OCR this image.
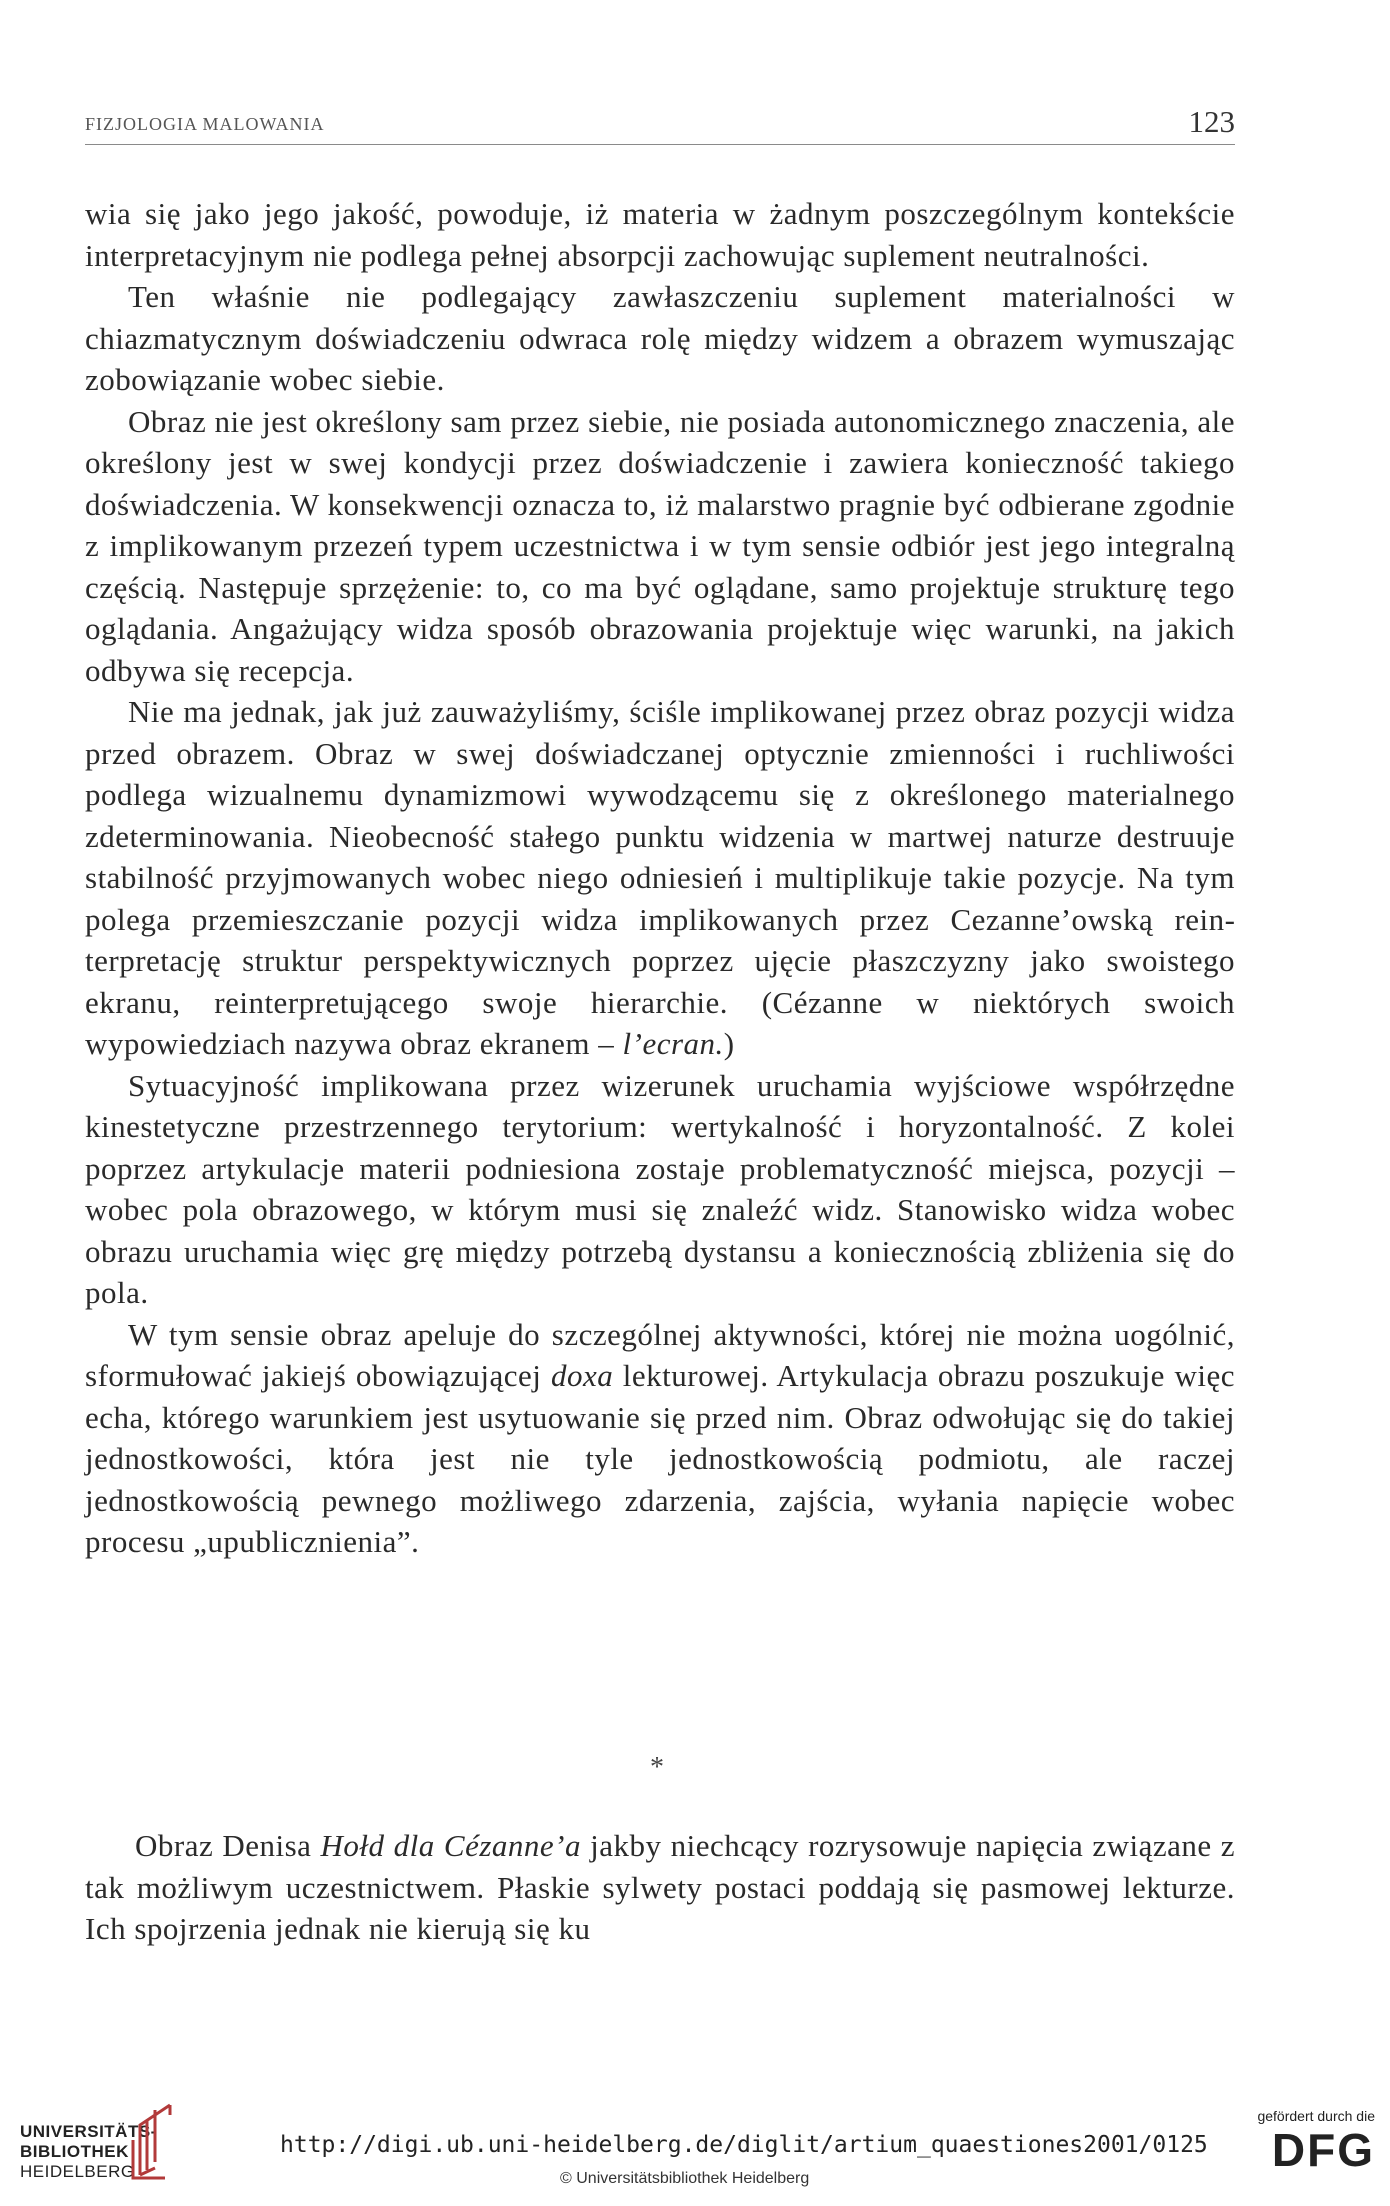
FIZJOLOGIA MALOWANIA	123

wia się jako jego jakość, powoduje, iż materia w żadnym poszczególnym kontekście interpretacyjnym nie podlega pełnej absorpcji zachowując suplement neutralności.

Ten właśnie nie podlegający zawłaszczeniu suplement materialności w chiazmatycznym doświadczeniu odwraca rolę między widzem a obrazem wymuszając zobowiązanie wobec siebie.

Obraz nie jest określony sam przez siebie, nie posiada autonomicznego znaczenia, ale określony jest w swej kondycji przez doświadczenie i zawiera konieczność takiego doświadczenia. W konsekwencji oznacza to, iż malarstwo pragnie być odbierane zgodnie z implikowanym przezeń typem uczestnictwa i w tym sensie odbiór jest jego integralną częścią. Następuje sprzężenie: to, co ma być oglądane, samo projektuje strukturę tego oglądania. Angażujący widza sposób obrazowania projektuje więc warunki, na jakich odbywa się recepcja.

Nie ma jednak, jak już zauważyliśmy, ściśle implikowanej przez obraz pozycji widza przed obrazem. Obraz w swej doświadczanej optycznie zmienności i ruchliwości podlega wizualnemu dynamizmowi wywodzącemu się z określonego materialnego zdeterminowania. Nieobecność stałego punktu widzenia w martwej naturze destruuje stabilność przyjmowanych wobec niego odniesień i multiplikuje takie pozycje. Na tym polega przemieszczanie pozycji widza implikowanych przez Cezanne’owską reinterpretację struktur perspektywicznych poprzez ujęcie płaszczyzny jako swoistego ekranu, reinterpretującego swoje hierarchie. (Cézanne w niektórych swoich wypowiedziach nazywa obraz ekranem – l’ecran.)

Sytuacyjność implikowana przez wizerunek uruchamia wyjściowe współrzędne kinestetyczne przestrzennego terytorium: wertykalność i horyzontalność. Z kolei poprzez artykulacje materii podniesiona zostaje problematyczność miejsca, pozycji – wobec pola obrazowego, w którym musi się znaleźć widz. Stanowisko widza wobec obrazu uruchamia więc grę między potrzebą dystansu a koniecznością zbliżenia się do pola.

W tym sensie obraz apeluje do szczególnej aktywności, której nie można uogólnić, sformułować jakiejś obowiązującej doxa lekturowej. Artykulacja obrazu poszukuje więc echa, którego warunkiem jest usytuowanie się przed nim. Obraz odwołując się do takiej jednostkowości, która jest nie tyle jednostkowością podmiotu, ale raczej jednostkowością pewnego możliwego zdarzenia, zajścia, wyłania napięcie wobec procesu „upublicznienia”.

*

Obraz Denisa Hołd dla Cézanne’a jakby niechcący rozrysowuje napięcia związane z tak możliwym uczestnictwem. Płaskie sylwety postaci poddają się pasmowej lekturze. Ich spojrzenia jednak nie kierują się ku

UNIVERSITÄTS-
BIBLIOTHEK
HEIDELBERG
http://digi.ub.uni-heidelberg.de/diglit/artium_quaestiones2001/0125
© Universitätsbibliothek Heidelberg
gefördert durch die
DFG
